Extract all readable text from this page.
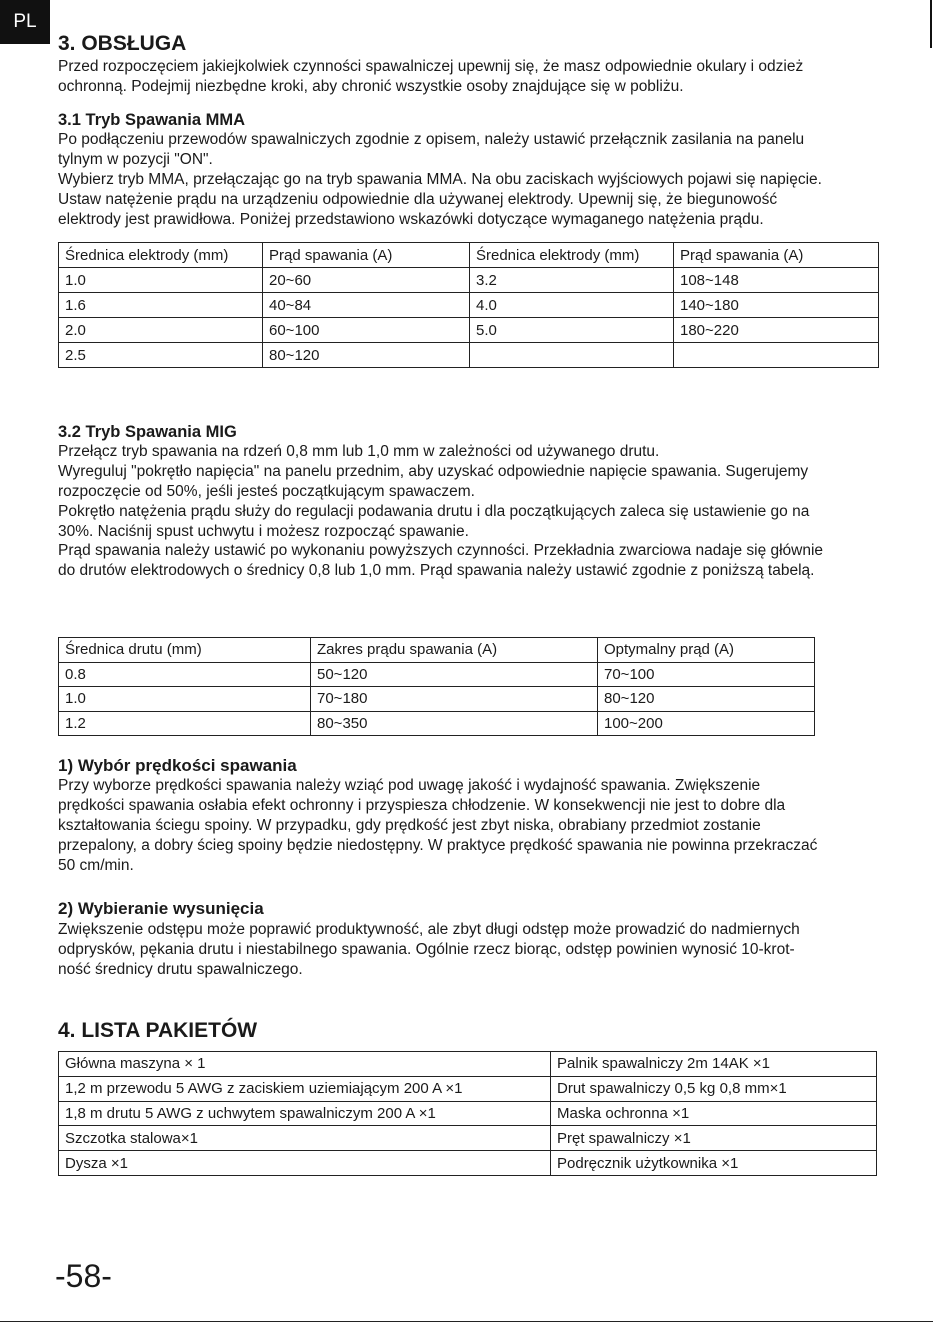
PL
3. OBSŁUGA
Przed rozpoczęciem jakiejkolwiek czynności spawalniczej upewnij się, że masz odpowiednie okulary i odzież
ochronną. Podejmij niezbędne kroki, aby chronić wszystkie osoby znajdujące się w pobliżu.
3.1 Tryb Spawania MMA
Po podłączeniu przewodów spawalniczych zgodnie z opisem, należy ustawić przełącznik zasilania na panelu
tylnym w pozycji "ON".
Wybierz tryb MMA, przełączając go na tryb spawania MMA. Na obu zaciskach wyjściowych pojawi się napięcie.
Ustaw natężenie prądu na urządzeniu odpowiednie dla używanej elektrody. Upewnij się, że biegunowość
elektrody jest prawidłowa. Poniżej przedstawiono wskazówki dotyczące wymaganego natężenia prądu.
Średnica elektrody (mm)	Prąd spawania (A)	Średnica elektrody (mm)	Prąd spawania (A)
1.0	20~60	3.2	108~148
1.6	40~84	4.0	140~180
2.0	60~100	5.0	180~220
2.5	80~120		
3.2 Tryb Spawania MIG
Przełącz tryb spawania na rdzeń 0,8 mm lub 1,0 mm w zależności od używanego drutu.
Wyreguluj "pokrętło napięcia" na panelu przednim, aby uzyskać odpowiednie napięcie spawania. Sugerujemy
rozpoczęcie od 50%, jeśli jesteś początkującym spawaczem.
Pokrętło natężenia prądu służy do regulacji podawania drutu i dla początkujących zaleca się ustawienie go na
30%. Naciśnij spust uchwytu i możesz rozpocząć spawanie.
Prąd spawania należy ustawić po wykonaniu powyższych czynności. Przekładnia zwarciowa nadaje się głównie
do drutów elektrodowych o średnicy 0,8 lub 1,0 mm. Prąd spawania należy ustawić zgodnie z poniższą tabelą.
Średnica drutu (mm)	Zakres prądu spawania (A)	Optymalny prąd (A)
0.8	50~120	70~100
1.0	70~180	80~120
1.2	80~350	100~200
1) Wybór prędkości spawania
Przy wyborze prędkości spawania należy wziąć pod uwagę jakość i wydajność spawania. Zwiększenie
prędkości spawania osłabia efekt ochronny i przyspiesza chłodzenie. W konsekwencji nie jest to dobre dla
kształtowania ściegu spoiny. W przypadku, gdy prędkość jest zbyt niska, obrabiany przedmiot zostanie
przepalony, a dobry ścieg spoiny będzie niedostępny. W praktyce prędkość spawania nie powinna przekraczać
50 cm/min.
2) Wybieranie wysunięcia
Zwiększenie odstępu może poprawić produktywność, ale zbyt długi odstęp może prowadzić do nadmiernych
odprysków, pękania drutu i niestabilnego spawania. Ogólnie rzecz biorąc, odstęp powinien wynosić 10-krot-
ność średnicy drutu spawalniczego.
4. LISTA PAKIETÓW
Główna maszyna × 1	Palnik spawalniczy 2m 14AK ×1
1,2 m przewodu 5 AWG z zaciskiem uziemiającym 200 A ×1	Drut spawalniczy 0,5 kg 0,8 mm×1
1,8 m drutu 5 AWG z uchwytem spawalniczym 200 A ×1	Maska ochronna ×1
Szczotka stalowa×1	Pręt spawalniczy ×1
Dysza ×1	Podręcznik użytkownika ×1
-58-
